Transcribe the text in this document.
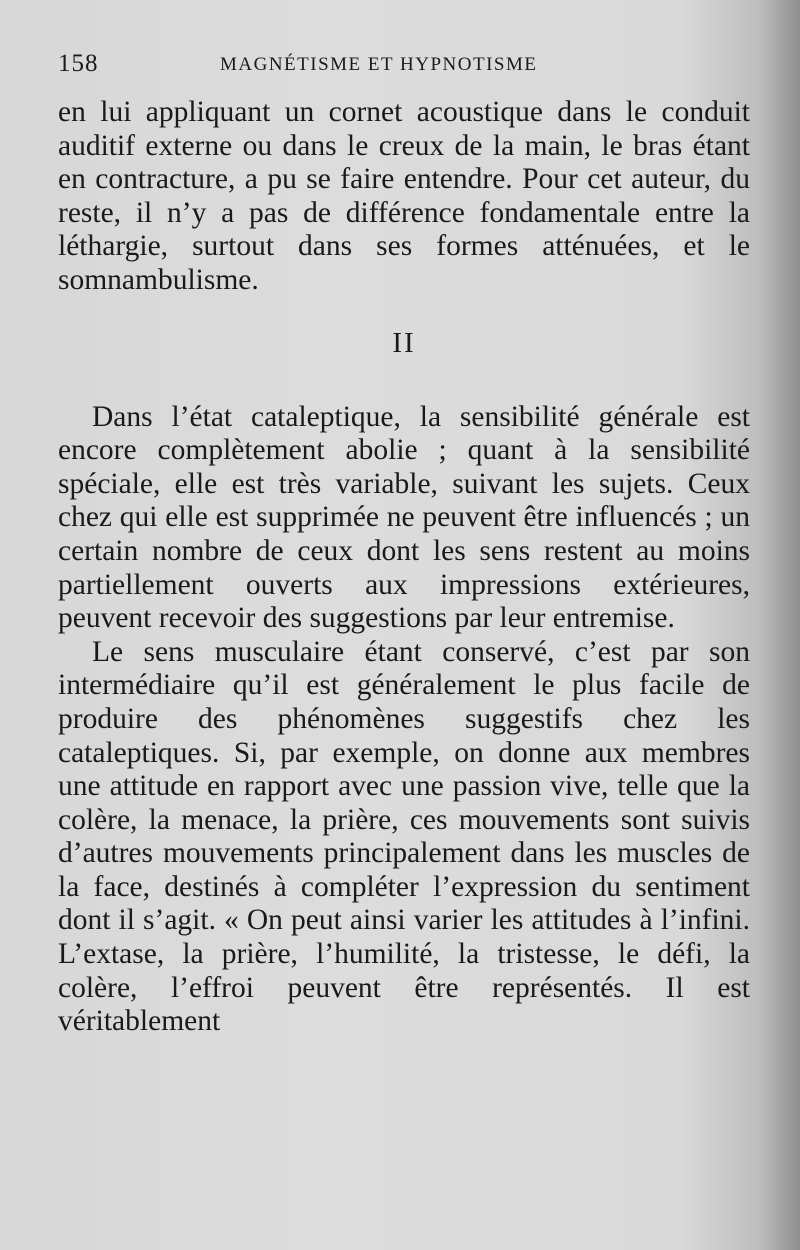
158	MAGNÉTISME ET HYPNOTISME

en lui appliquant un cornet acoustique dans le conduit auditif externe ou dans le creux de la main, le bras étant en contracture, a pu se faire entendre. Pour cet auteur, du reste, il n’y a pas de différence fondamentale entre la léthargie, surtout dans ses formes atténuées, et le somnambulisme.

II

Dans l’état cataleptique, la sensibilité générale est encore complètement abolie ; quant à la sensibilité spéciale, elle est très variable, suivant les sujets. Ceux chez qui elle est supprimée ne peuvent être influencés ; un certain nombre de ceux dont les sens restent au moins partiellement ouverts aux impressions extérieures, peuvent recevoir des suggestions par leur entremise.

Le sens musculaire étant conservé, c’est par son intermédiaire qu’il est généralement le plus facile de produire des phénomènes suggestifs chez les cataleptiques. Si, par exemple, on donne aux membres une attitude en rapport avec une passion vive, telle que la colère, la menace, la prière, ces mouvements sont suivis d’autres mouvements principalement dans les muscles de la face, destinés à compléter l’expression du sentiment dont il s’agit. « On peut ainsi varier les attitudes à l’infini. L’extase, la prière, l’humilité, la tristesse, le défi, la colère, l’effroi peuvent être représentés. Il est véritablement
